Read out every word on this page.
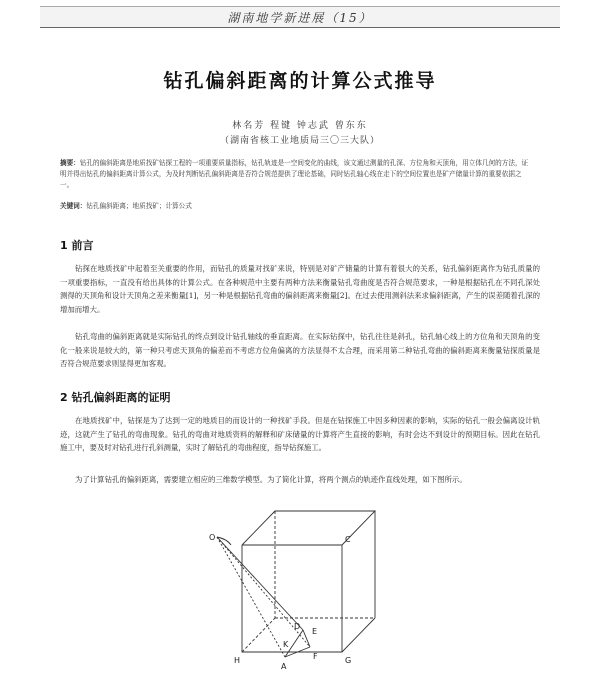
湖南地学新进展（15）
钻孔偏斜距离的计算公式推导
林名芳 程键 钟志武 曾东东
（湖南省核工业地质局三〇三大队）
摘要：钻孔的偏斜距离是地质找矿钻探工程的一项重要质量指标，钻孔轨迹是一空间变化的曲线，该文通过测量的孔深、方位角和天顶角，用立体几何的方法，证明并得出钻孔的偏斜距离计算公式，为及时判断钻孔偏斜距离是否符合规范提供了理论基础，同时钻孔轴心线在走下的空间位置也是矿产储量计算的重要依据之一。
关键词：钻孔偏斜距离；地质找矿；计算公式
1 前言
钻探在地质找矿中起着至关重要的作用，而钻孔的质量对找矿来说，特别是对矿产储量的计算有着很大的关系，钻孔偏斜距离作为钻孔质量的一项重要指标，一直没有给出具体的计算公式。在各种规范中主要有两种方法来衡量钻孔弯曲度是否符合规范要求，一种是根据钻孔在不同孔深处测得的天顶角和设计天顶角之差来衡量[1]，另一种是根据钻孔弯曲的偏斜距离来衡量[2]。在过去使用测斜法来求偏斜距离，产生的误差随着孔深的增加而增大。
钻孔弯曲的偏斜距离就是实际钻孔的终点到设计钻孔轴线的垂直距离。在实际钻探中，钻孔往往是斜孔，钻孔轴心线上的方位角和天顶角的变化一般来说是较大的，第一种只考虑天顶角的偏差而不考虑方位角偏离的方法显得不太合理，而采用第二种钻孔弯曲的偏斜距离来衡量钻探质量是否符合规范要求则显得更加客观。
2 钻孔偏斜距离的证明
在地质找矿中，钻探是为了达到一定的地质目的而设计的一种找矿手段。但是在钻探施工中因多种因素的影响，实际的钻孔一般会偏离设计轨迹，这就产生了钻孔的弯曲现象。钻孔的弯曲对地质资料的解释和矿床储量的计算将产生直接的影响，有时会达不到设计的预期目标。因此在钻孔施工中，要及时对钻孔进行孔斜测量，实时了解钻孔的弯曲程度，指导钻探施工。
为了计算钻孔的偏斜距离，需要建立相应的三维数学模型。为了简化计算，将两个测点的轨迹作直线处理，如下图所示。
O	C
D
E
H	G
F
K
A
